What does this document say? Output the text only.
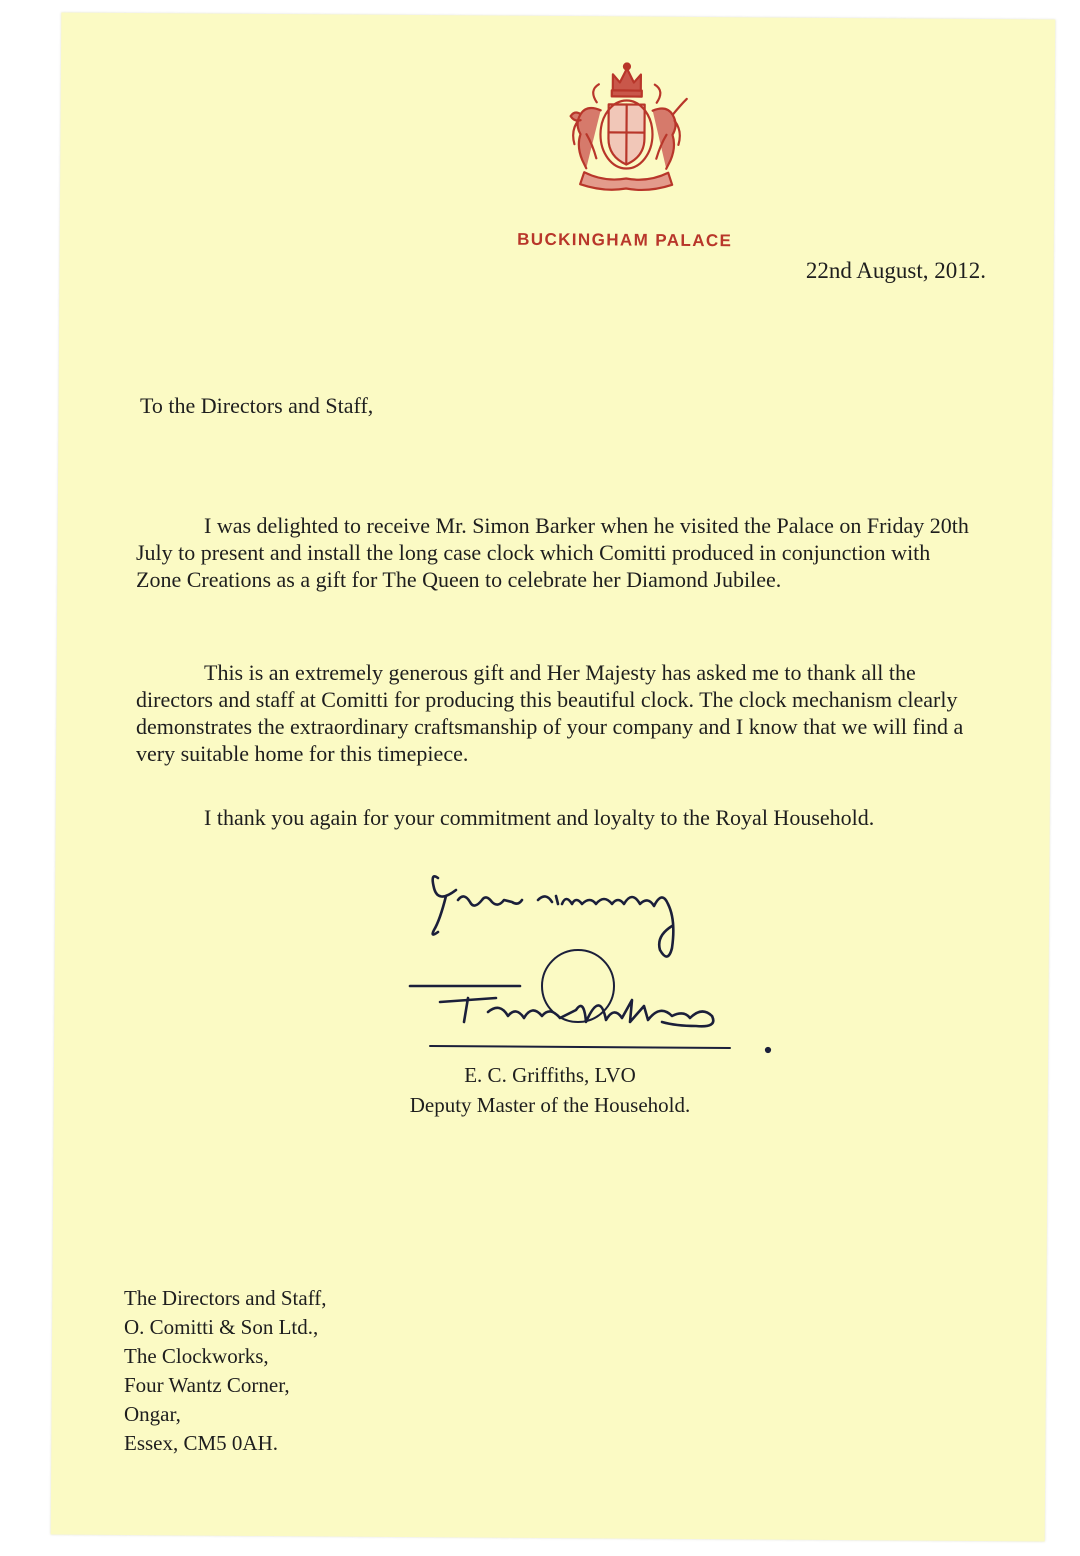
BUCKINGHAM PALACE
22nd August, 2012.
To the Directors and Staff,

I was delighted to receive Mr. Simon Barker when he visited the Palace on Friday 20th July to present and install the long case clock which Comitti produced in conjunction with Zone Creations as a gift for The Queen to celebrate her Diamond Jubilee.

This is an extremely generous gift and Her Majesty has asked me to thank all the directors and staff at Comitti for producing this beautiful clock. The clock mechanism clearly demonstrates the extraordinary craftsmanship of your company and I know that we will find a very suitable home for this timepiece.

I thank you again for your commitment and loyalty to the Royal Household.

E. C. Griffiths, LVO
Deputy Master of the Household.
The Directors and Staff,
O. Comitti & Son Ltd.,
The Clockworks,
Four Wantz Corner,
Ongar,
Essex, CM5 0AH.
